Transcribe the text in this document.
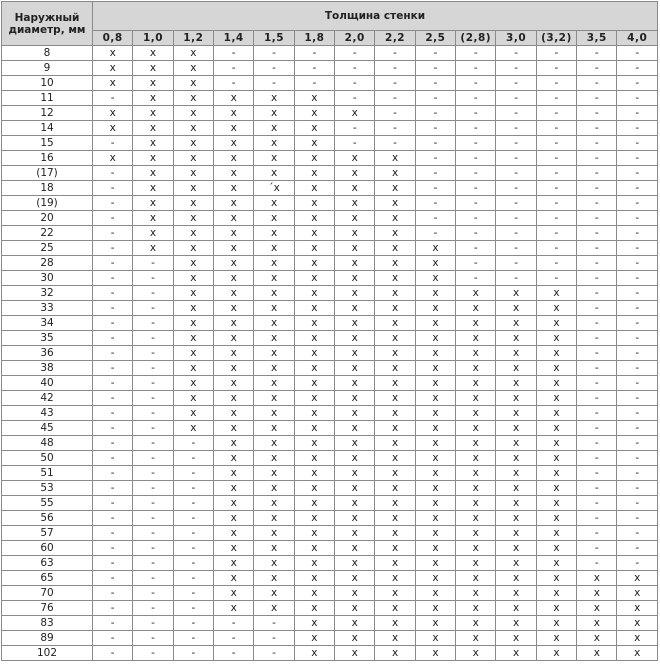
Наружный диаметр, мм	Толщина стенки													
	0,8	1,0	1,2	1,4	1,5	1,8	2,0	2,2	2,5	(2,8)	3,0	(3,2)	3,5	4,0
8	x	x	x	-	-	-	-	-	-	-	-	-	-	-
9	x	x	x	-	-	-	-	-	-	-	-	-	-	-
10	x	x	x	-	-	-	-	-	-	-	-	-	-	-
11	-	x	x	x	x	x	-	-	-	-	-	-	-	-
12	x	x	x	x	x	x	x	-	-	-	-	-	-	-
14	x	x	x	x	x	x	-	-	-	-	-	-	-	-
15	-	x	x	x	x	x	-	-	-	-	-	-	-	-
16	x	x	x	x	x	x	x	x	-	-	-	-	-	-
(17)	-	x	x	x	x	x	x	x	-	-	-	-	-	-
18	-	x	x	x	´x	x	x	x	-	-	-	-	-	-
(19)	-	x	x	x	x	x	x	x	-	-	-	-	-	-
20	-	x	x	x	x	x	x	x	-	-	-	-	-	-
22	-	x	x	x	x	x	x	x	-	-	-	-	-	-
25	-	x	x	x	x	x	x	x	x	-	-	-	-	-
28	-	-	x	x	x	x	x	x	x	-	-	-	-	-
30	-	-	x	x	x	x	x	x	x	-	-	-	-	-
32	-	-	x	x	x	x	x	x	x	x	x	x	-	-
33	-	-	x	x	x	x	x	x	x	x	x	x	-	-
34	-	-	x	x	x	x	x	x	x	x	x	x	-	-
35	-	-	x	x	x	x	x	x	x	x	x	x	-	-
36	-	-	x	x	x	x	x	x	x	x	x	x	-	-
38	-	-	x	x	x	x	x	x	x	x	x	x	-	-
40	-	-	x	x	x	x	x	x	x	x	x	x	-	-
42	-	-	x	x	x	x	x	x	x	x	x	x	-	-
43	-	-	x	x	x	x	x	x	x	x	x	x	-	-
45	-	-	x	x	x	x	x	x	x	x	x	x	-	-
48	-	-	-	x	x	x	x	x	x	x	x	x	-	-
50	-	-	-	x	x	x	x	x	x	x	x	x	-	-
51	-	-	-	x	x	x	x	x	x	x	x	x	-	-
53	-	-	-	x	x	x	x	x	x	x	x	x	-	-
55	-	-	-	x	x	x	x	x	x	x	x	x	-	-
56	-	-	-	x	x	x	x	x	x	x	x	x	-	-
57	-	-	-	x	x	x	x	x	x	x	x	x	-	-
60	-	-	-	x	x	x	x	x	x	x	x	x	-	-
63	-	-	-	x	x	x	x	x	x	x	x	x	-	-
65	-	-	-	x	x	x	x	x	x	x	x	x	x	x
70	-	-	-	x	x	x	x	x	x	x	x	x	x	x
76	-	-	-	x	x	x	x	x	x	x	x	x	x	x
83	-	-	-	-	-	x	x	x	x	x	x	x	x	x
89	-	-	-	-	-	x	x	x	x	x	x	x	x	x
102	-	-	-	-	-	x	x	x	x	x	x	x	x	x
